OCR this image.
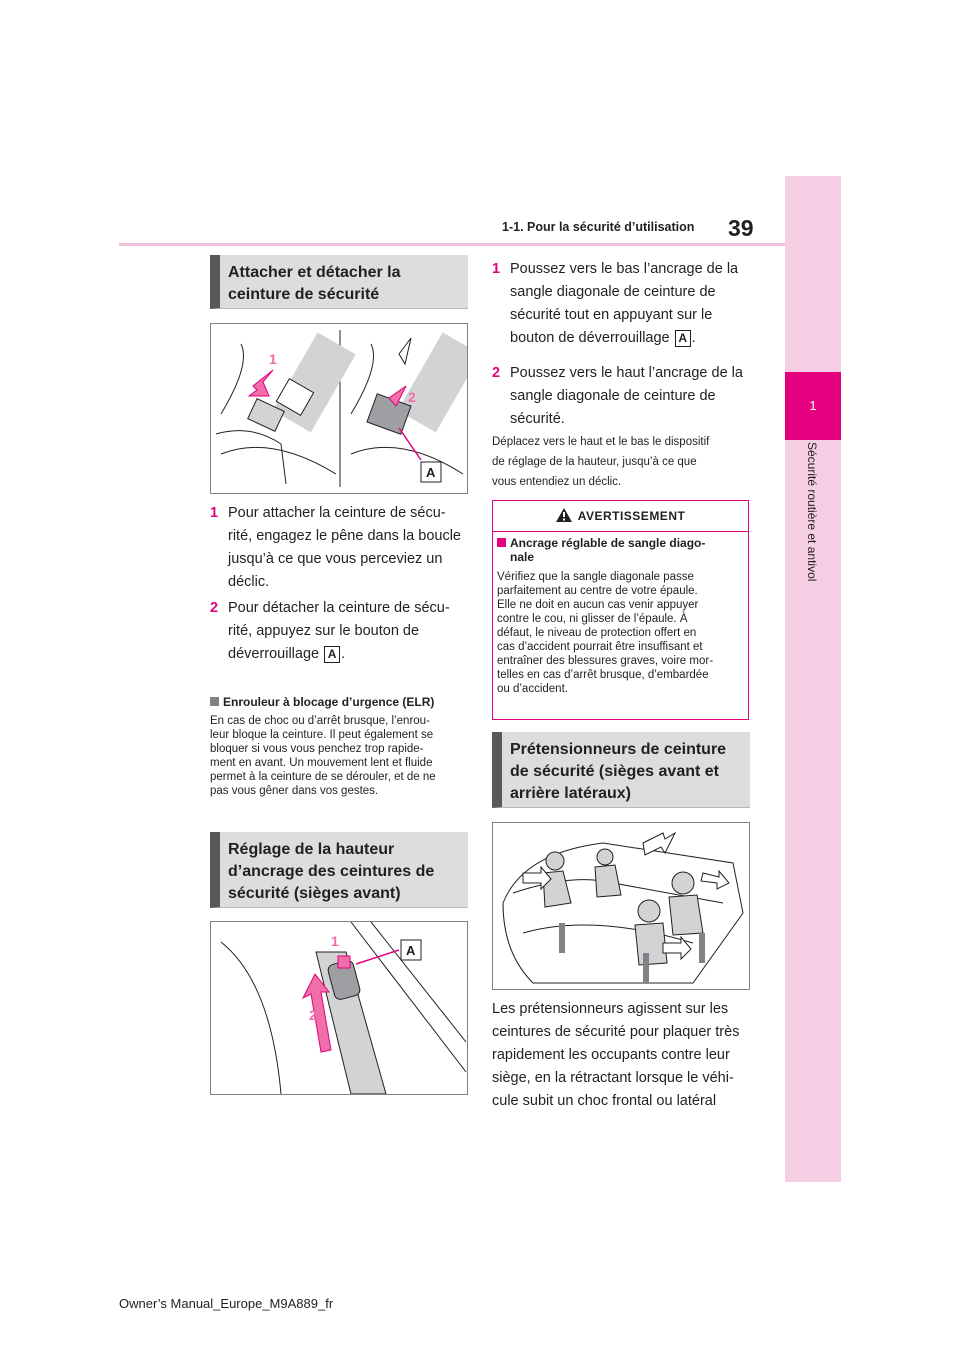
39
1-1. Pour la sécurité d’utilisation
1
Sécurité routière et antivol
Attacher et détacher la ceinture de sécurité
1
2
A
1 Pour attacher la ceinture de sécu-
rité, engagez le pêne dans la boucle
jusqu’à ce que vous perceviez un
déclic.
2 Pour détacher la ceinture de sécu-
rité, appuyez sur le bouton de
déverrouillage A .
Enrouleur à blocage d’urgence (ELR)
En cas de choc ou d’arrêt brusque, l’enrou-
leur bloque la ceinture. Il peut également se
bloquer si vous vous penchez trop rapide-
ment en avant. Un mouvement lent et fluide
permet à la ceinture de se dérouler, et de ne
pas vous gêner dans vos gestes.
Réglage de la hauteur d’ancrage des ceintures de sécurité (sièges avant)
1
2
A
1 Poussez vers le bas l’ancrage de la
sangle diagonale de ceinture de
sécurité tout en appuyant sur le
bouton de déverrouillage A .
2 Poussez vers le haut l’ancrage de la
sangle diagonale de ceinture de
sécurité.
Déplacez vers le haut et le bas le dispositif
de réglage de la hauteur, jusqu’à ce que
vous entendiez un déclic.
AVERTISSEMENT
Ancrage réglable de sangle diago-
nale
Vérifiez que la sangle diagonale passe
parfaitement au centre de votre épaule.
Elle ne doit en aucun cas venir appuyer
contre le cou, ni glisser de l’épaule. À
défaut, le niveau de protection offert en
cas d’accident pourrait être insuffisant et
entraîner des blessures graves, voire mor-
telles en cas d’arrêt brusque, d’embardée
ou d’accident.
Prétensionneurs de ceinture de sécurité (sièges avant et arrière latéraux)
Les prétensionneurs agissent sur les
ceintures de sécurité pour plaquer très
rapidement les occupants contre leur
siège, en la rétractant lorsque le véhi-
cule subit un choc frontal ou latéral
Owner’s Manual_Europe_M9A889_fr
